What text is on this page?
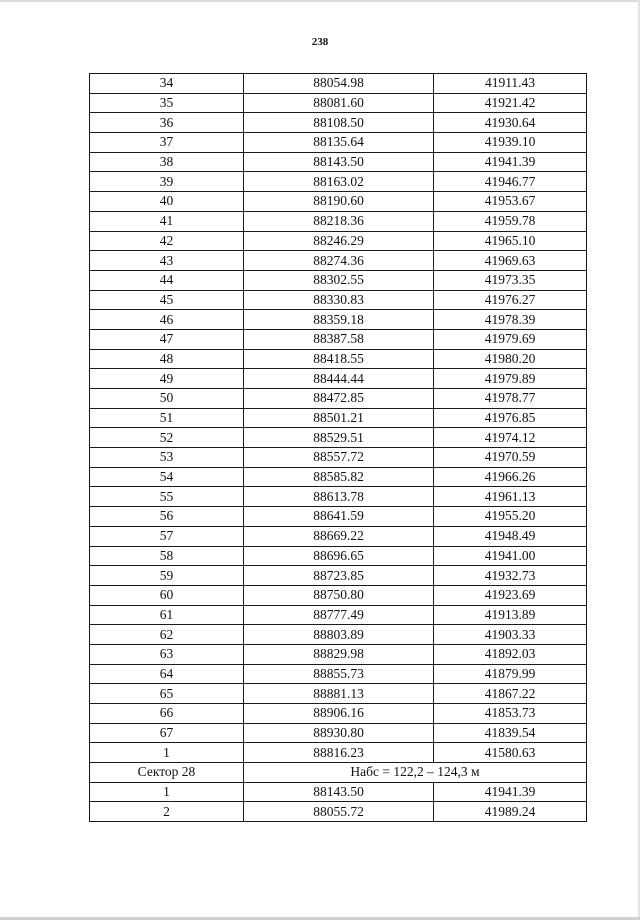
238
34	88054.98	41911.43
35	88081.60	41921.42
36	88108.50	41930.64
37	88135.64	41939.10
38	88143.50	41941.39
39	88163.02	41946.77
40	88190.60	41953.67
41	88218.36	41959.78
42	88246.29	41965.10
43	88274.36	41969.63
44	88302.55	41973.35
45	88330.83	41976.27
46	88359.18	41978.39
47	88387.58	41979.69
48	88418.55	41980.20
49	88444.44	41979.89
50	88472.85	41978.77
51	88501.21	41976.85
52	88529.51	41974.12
53	88557.72	41970.59
54	88585.82	41966.26
55	88613.78	41961.13
56	88641.59	41955.20
57	88669.22	41948.49
58	88696.65	41941.00
59	88723.85	41932.73
60	88750.80	41923.69
61	88777.49	41913.89
62	88803.89	41903.33
63	88829.98	41892.03
64	88855.73	41879.99
65	88881.13	41867.22
66	88906.16	41853.73
67	88930.80	41839.54
1	88816.23	41580.63
Сектор 28	Набс = 122,2 – 124,3 м	
1	88143.50	41941.39
2	88055.72	41989.24
